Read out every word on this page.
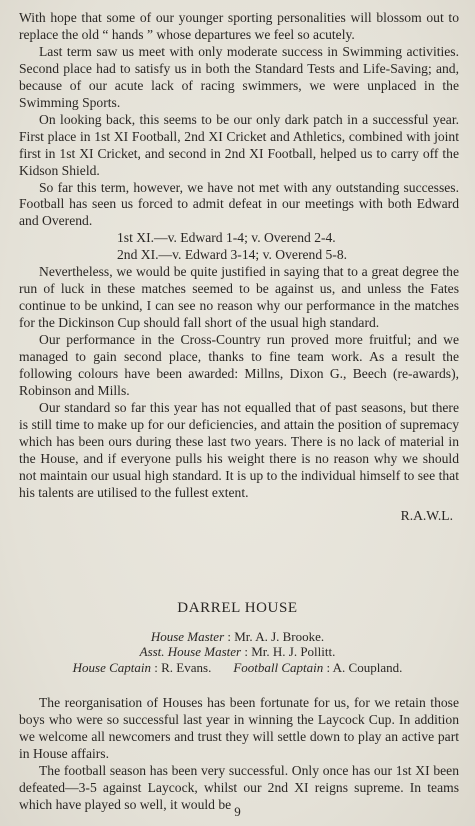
With hope that some of our younger sporting personalities will blossom out to replace the old “ hands ” whose departures we feel so acutely.

Last term saw us meet with only moderate success in Swimming activities. Second place had to satisfy us in both the Standard Tests and Life-Saving; and, because of our acute lack of racing swimmers, we were unplaced in the Swimming Sports.

On looking back, this seems to be our only dark patch in a successful year. First place in 1st XI Football, 2nd XI Cricket and Athletics, combined with joint first in 1st XI Cricket, and second in 2nd XI Football, helped us to carry off the Kidson Shield.

So far this term, however, we have not met with any outstanding successes. Football has seen us forced to admit defeat in our meetings with both Edward and Overend.

1st XI.—v. Edward 1-4; v. Overend 2-4.
2nd XI.—v. Edward 3-14; v. Overend 5-8.

Nevertheless, we would be quite justified in saying that to a great degree the run of luck in these matches seemed to be against us, and unless the Fates continue to be unkind, I can see no reason why our performance in the matches for the Dickinson Cup should fall short of the usual high standard.

Our performance in the Cross-Country run proved more fruitful; and we managed to gain second place, thanks to fine team work. As a result the following colours have been awarded: Millns, Dixon G., Beech (re-awards), Robinson and Mills.

Our standard so far this year has not equalled that of past seasons, but there is still time to make up for our deficiencies, and attain the position of supremacy which has been ours during these last two years. There is no lack of material in the House, and if everyone pulls his weight there is no reason why we should not maintain our usual high standard. It is up to the individual himself to see that his talents are utilised to the fullest extent.

R.A.W.L.
DARREL HOUSE
House Master : Mr. A. J. Brooke.
Asst. House Master : Mr. H. J. Pollitt.
House Captain : R. Evans. Football Captain : A. Coupland.

The reorganisation of Houses has been fortunate for us, for we retain those boys who were so successful last year in winning the Laycock Cup. In addition we welcome all newcomers and trust they will settle down to play an active part in House affairs.

The football season has been very successful. Only once has our 1st XI been defeated—3-5 against Laycock, whilst our 2nd XI reigns supreme. In teams which have played so well, it would be 9
